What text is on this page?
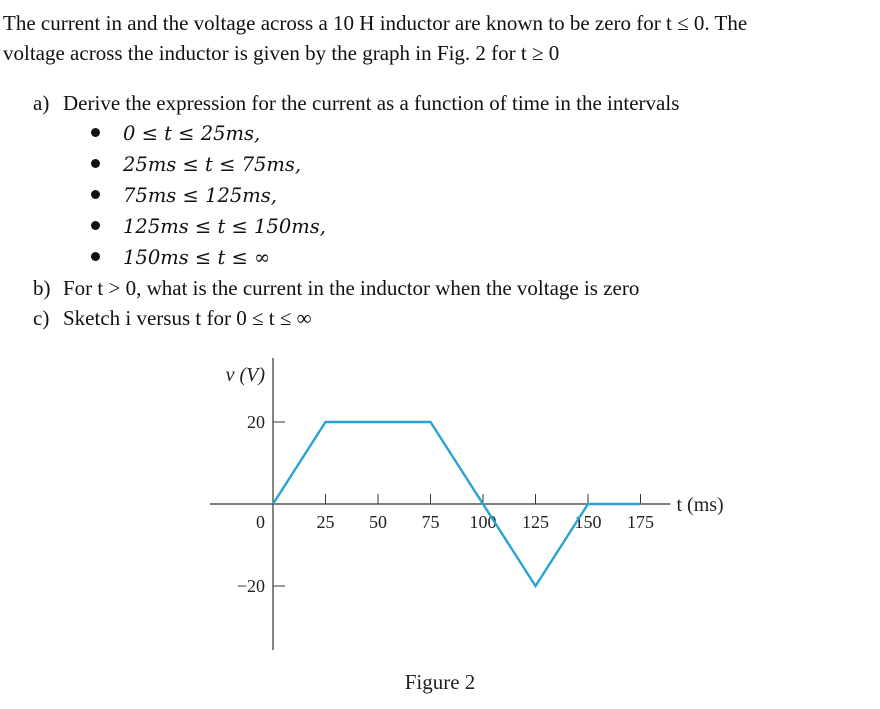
The current in and the voltage across a 10 H inductor are known to be zero for t ≤ 0. The

voltage across the inductor is given by the graph in Fig. 2 for t ≥ 0

a) Derive the expression for the current as a function of time in the intervals
0 ≤ t ≤ 25ms,
25ms ≤ t ≤ 75ms,
75ms ≤ 125ms,
125ms ≤ t ≤ 150ms,
150ms ≤ t ≤ ∞
b) For t > 0, what is the current in the inductor when the voltage is zero
c) Sketch i versus t for 0 ≤ t ≤ ∞
25 50 75 100 125 150 175
20
0
−20
v (V)
t (ms)
Figure 2
